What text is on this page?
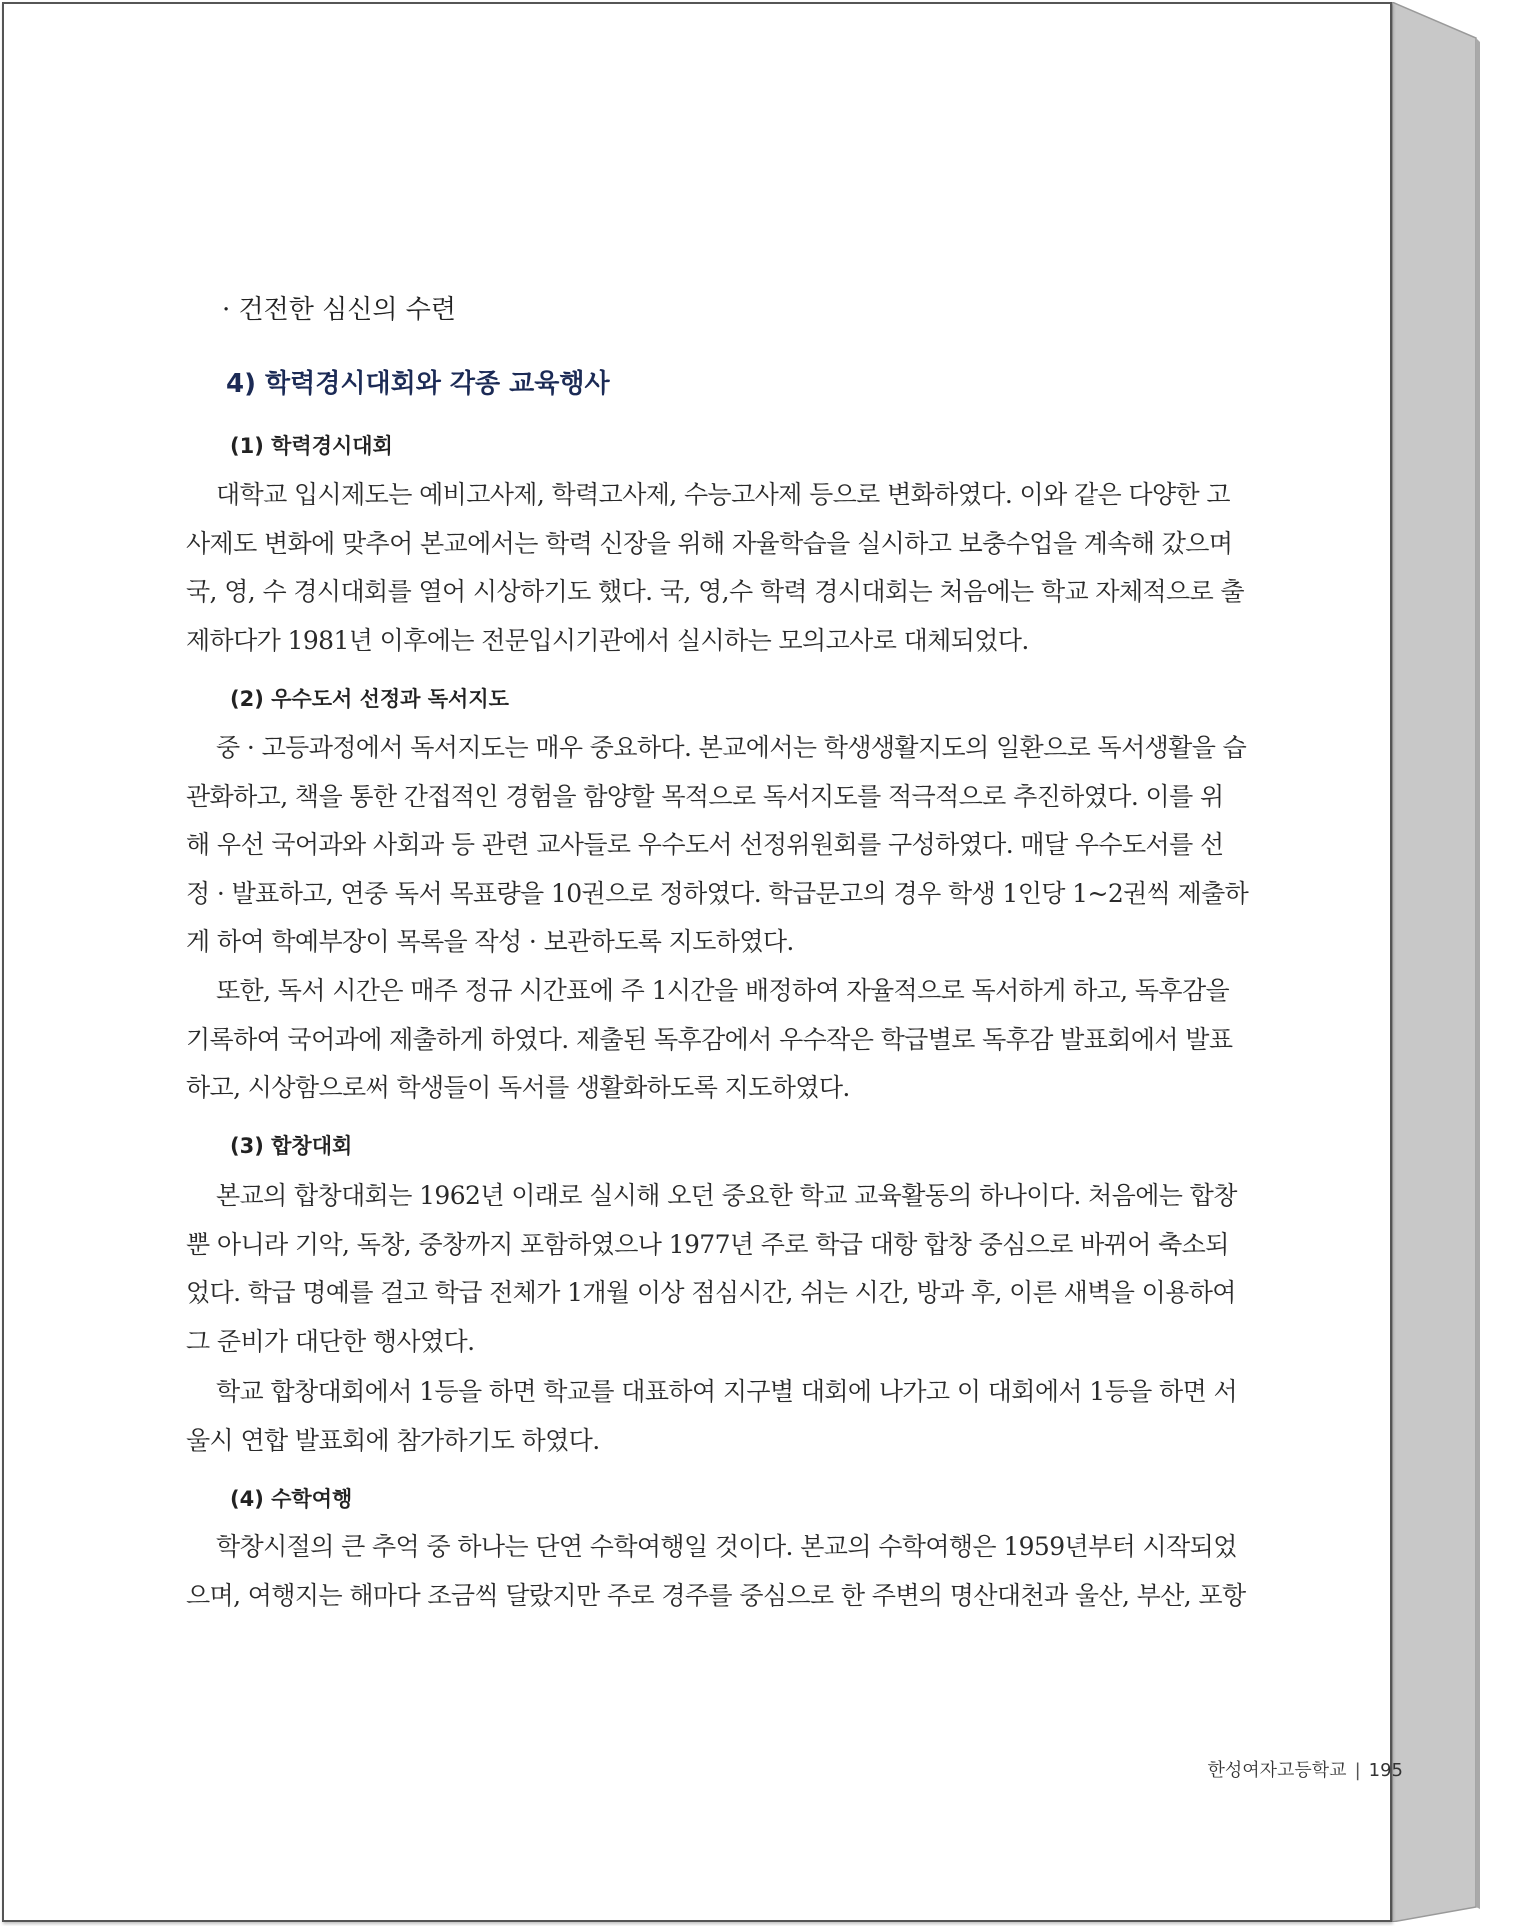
· 건전한 심신의 수련
4) 학력경시대회와 각종 교육행사
(1) 학력경시대회
대학교 입시제도는 예비고사제, 학력고사제, 수능고사제 등으로 변화하였다. 이와 같은 다양한 고
사제도 변화에 맞추어 본교에서는 학력 신장을 위해 자율학습을 실시하고 보충수업을 계속해 갔으며
국, 영, 수 경시대회를 열어 시상하기도 했다. 국, 영,수 학력 경시대회는 처음에는 학교 자체적으로 출
제하다가 1981년 이후에는 전문입시기관에서 실시하는 모의고사로 대체되었다.
(2) 우수도서 선정과 독서지도
중 · 고등과정에서 독서지도는 매우 중요하다. 본교에서는 학생생활지도의 일환으로 독서생활을 습
관화하고, 책을 통한 간접적인 경험을 함양할 목적으로 독서지도를 적극적으로 추진하였다. 이를 위
해 우선 국어과와 사회과 등 관련 교사들로 우수도서 선정위원회를 구성하였다. 매달 우수도서를 선
정 · 발표하고, 연중 독서 목표량을 10권으로 정하였다. 학급문고의 경우 학생 1인당 1~2권씩 제출하
게 하여 학예부장이 목록을 작성 · 보관하도록 지도하였다.
또한, 독서 시간은 매주 정규 시간표에 주 1시간을 배정하여 자율적으로 독서하게 하고, 독후감을
기록하여 국어과에 제출하게 하였다. 제출된 독후감에서 우수작은 학급별로 독후감 발표회에서 발표
하고, 시상함으로써 학생들이 독서를 생활화하도록 지도하였다.
(3) 합창대회
본교의 합창대회는 1962년 이래로 실시해 오던 중요한 학교 교육활동의 하나이다. 처음에는 합창
뿐 아니라 기악, 독창, 중창까지 포함하였으나 1977년 주로 학급 대항 합창 중심으로 바뀌어 축소되
었다. 학급 명예를 걸고 학급 전체가 1개월 이상 점심시간, 쉬는 시간, 방과 후, 이른 새벽을 이용하여
그 준비가 대단한 행사였다.
학교 합창대회에서 1등을 하면 학교를 대표하여 지구별 대회에 나가고 이 대회에서 1등을 하면 서
울시 연합 발표회에 참가하기도 하였다.
(4) 수학여행
학창시절의 큰 추억 중 하나는 단연 수학여행일 것이다. 본교의 수학여행은 1959년부터 시작되었
으며, 여행지는 해마다 조금씩 달랐지만 주로 경주를 중심으로 한 주변의 명산대천과 울산, 부산, 포항
한성여자고등학교 | 195
